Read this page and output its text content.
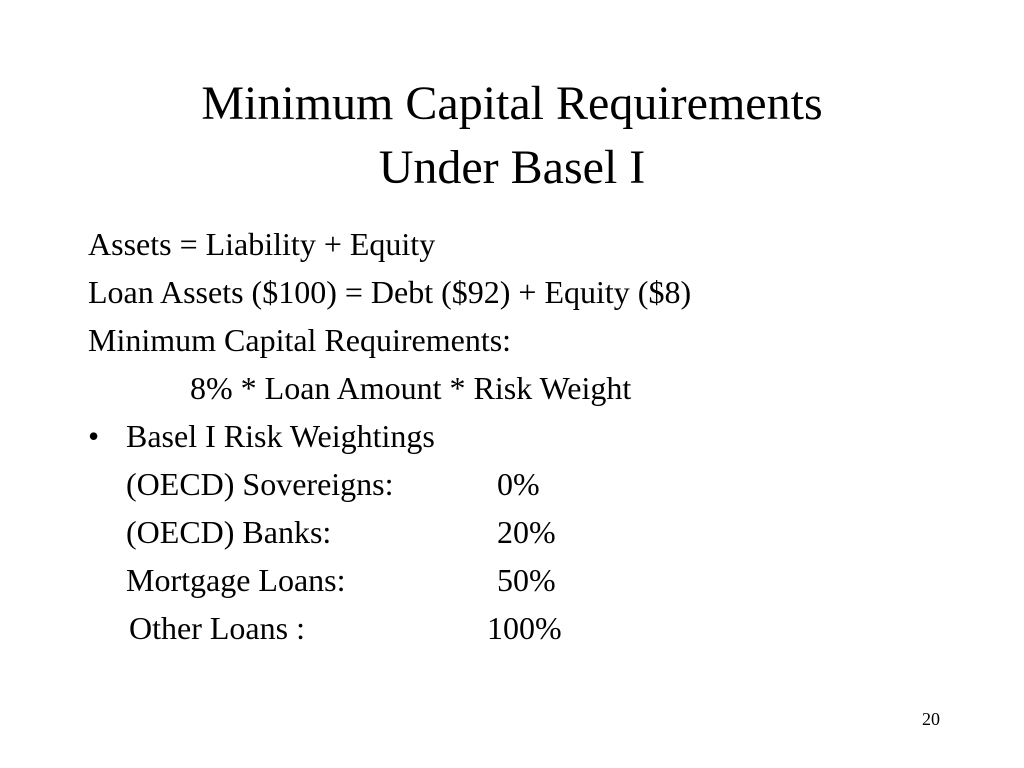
Minimum Capital Requirements
Under Basel I
Assets = Liability + Equity
Loan Assets ($100) = Debt ($92) + Equity ($8)
Minimum Capital Requirements:
8% * Loan Amount * Risk Weight
• Basel I Risk Weightings
(OECD) Sovereigns:	0%
(OECD) Banks:	20%
Mortgage Loans:	50%
Other Loans :	100%
20
